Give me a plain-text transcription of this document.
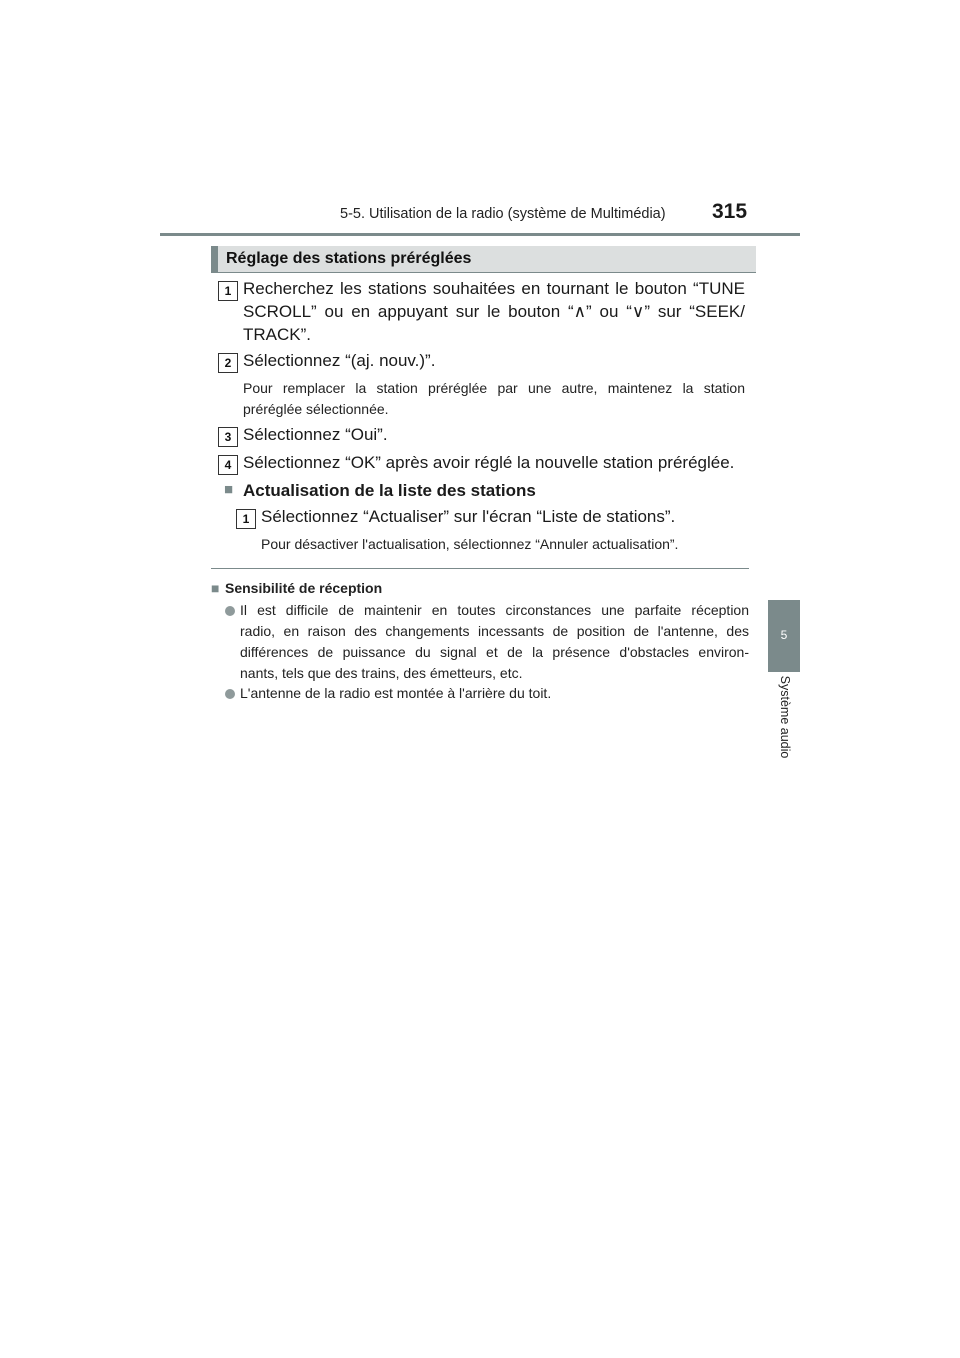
5-5. Utilisation de la radio (système de Multimédia) 315
5
Système audio
Réglage des stations préréglées
1 Recherchez les stations souhaitées en tournant le bouton “TUNE
SCROLL” ou en appuyant sur le bouton “∧” ou “∨” sur “SEEK/
TRACK”.
2 Sélectionnez “(aj. nouv.)”.
Pour remplacer la station préréglée par une autre, maintenez la station
préréglée sélectionnée.
3 Sélectionnez “Oui”.
4 Sélectionnez “OK” après avoir réglé la nouvelle station préréglée.
■ Actualisation de la liste des stations
1 Sélectionnez “Actualiser” sur l'écran “Liste de stations”.
Pour désactiver l'actualisation, sélectionnez “Annuler actualisation”.
■ Sensibilité de réception
Il est difficile de maintenir en toutes circonstances une parfaite réception
radio, en raison des changements incessants de position de l'antenne, des
différences de puissance du signal et de la présence d'obstacles environ-
nants, tels que des trains, des émetteurs, etc.
L'antenne de la radio est montée à l'arrière du toit.
